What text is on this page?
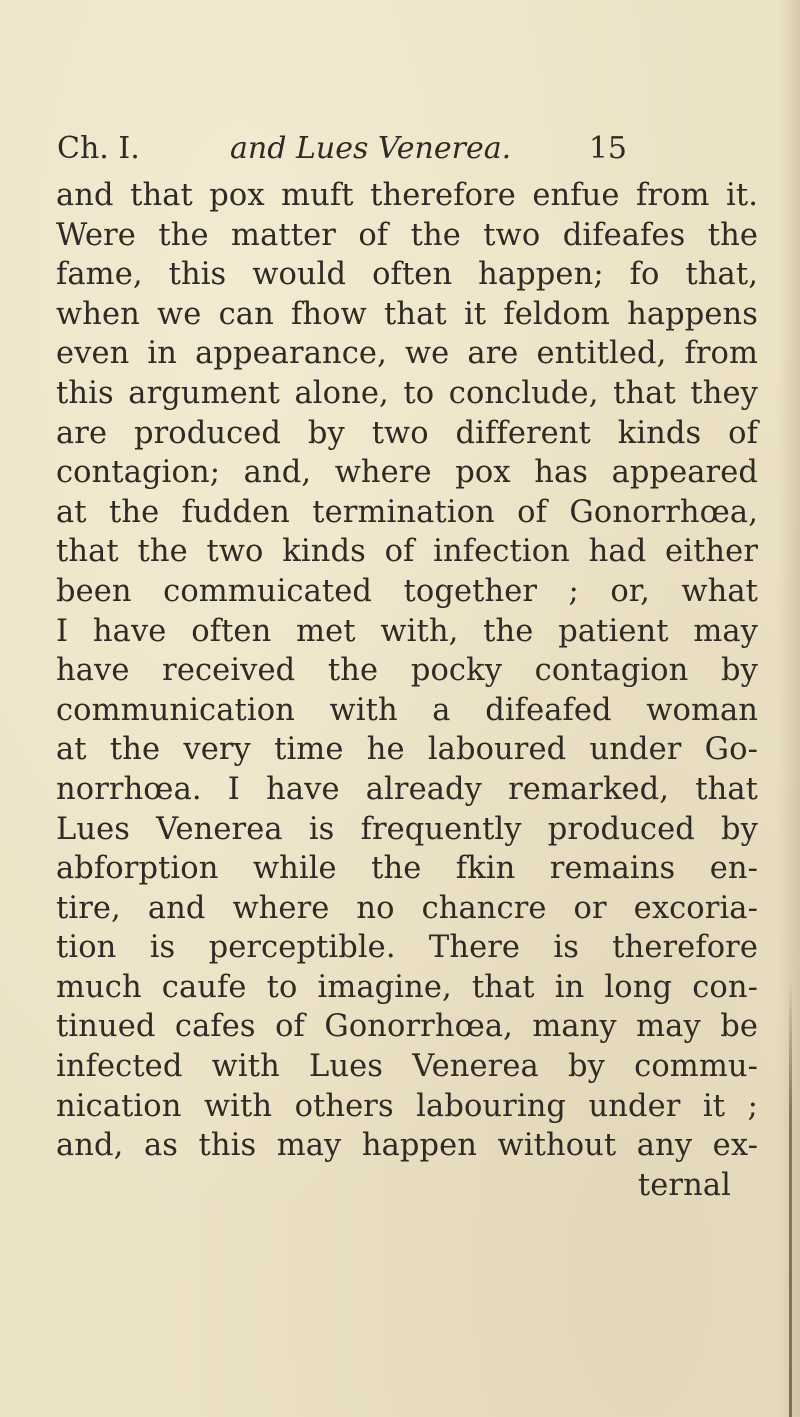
Ch. I.	and Lues Venerea.	15
and that pox muft therefore enfue from it.
Were the matter of the two difeafes the
fame, this would often happen; fo that,
when we can fhow that it feldom happens
even in appearance, we are entitled, from
this argument alone, to conclude, that they
are produced by two different kinds of
contagion; and, where pox has appeared
at the fudden termination of Gonorrhœa,
that the two kinds of infection had either
been commuicated together ; or, what
I have often met with, the patient may
have received the pocky contagion by
communication with a difeafed woman
at the very time he laboured under Go-
norrhœa. I have already remarked, that
Lues Venerea is frequently produced by
abforption while the fkin remains en-
tire, and where no chancre or excoria-
tion is perceptible. There is therefore
much caufe to imagine, that in long con-
tinued cafes of Gonorrhœa, many may be
infected with Lues Venerea by commu-
nication with others labouring under it ;
and, as this may happen without any ex-
ternal
